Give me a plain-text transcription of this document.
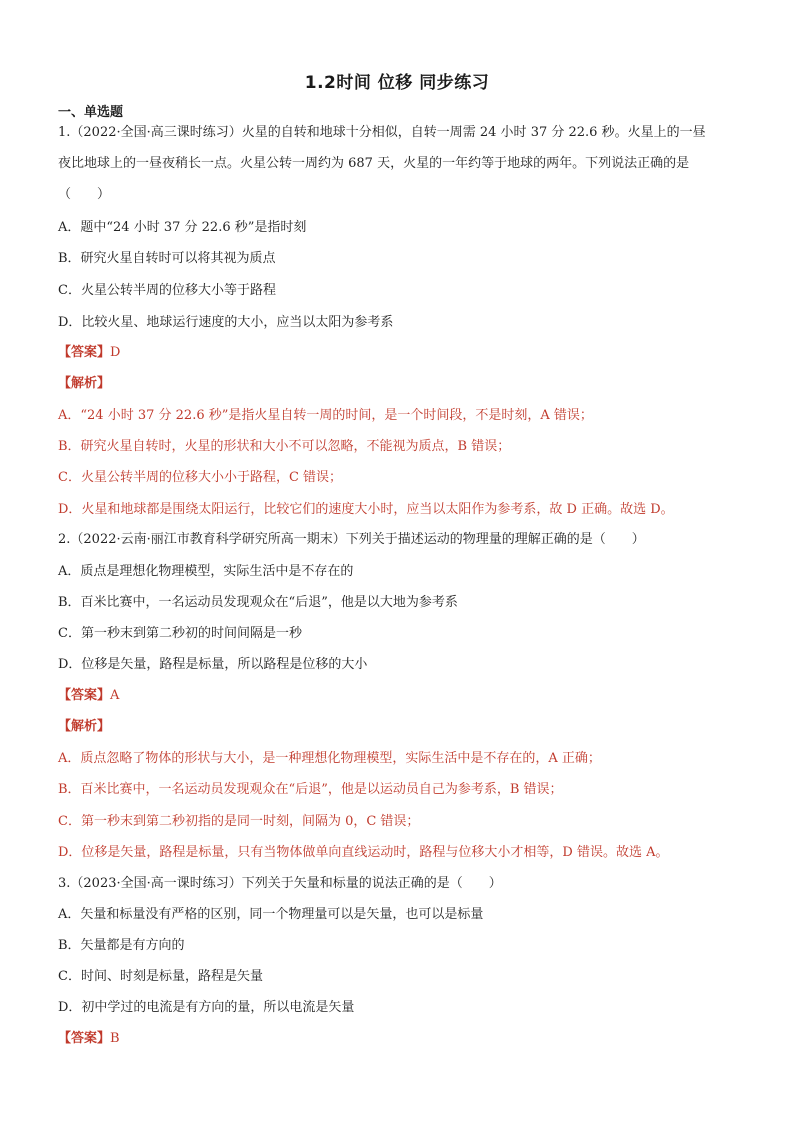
1.2时间 位移 同步练习
一、单选题
1.（2022·全国·高三课时练习）火星的自转和地球十分相似，自转一周需 24 小时 37 分 22.6 秒。火星上的一昼
夜比地球上的一昼夜稍长一点。火星公转一周约为 687 天，火星的一年约等于地球的两年。下列说法正确的是
（　　）
A．题中“24 小时 37 分 22.6 秒”是指时刻
B．研究火星自转时可以将其视为质点
C．火星公转半周的位移大小等于路程
D．比较火星、地球运行速度的大小，应当以太阳为参考系
【答案】D
【解析】
A．“24 小时 37 分 22.6 秒”是指火星自转一周的时间，是一个时间段，不是时刻，A 错误；
B．研究火星自转时，火星的形状和大小不可以忽略，不能视为质点，B 错误；
C．火星公转半周的位移大小小于路程，C 错误；
D．火星和地球都是围绕太阳运行，比较它们的速度大小时，应当以太阳作为参考系，故 D 正确。故选 D。
2.（2022·云南·丽江市教育科学研究所高一期末）下列关于描述运动的物理量的理解正确的是（　　）
A．质点是理想化物理模型，实际生活中是不存在的
B．百米比赛中，一名运动员发现观众在“后退”，他是以大地为参考系
C．第一秒末到第二秒初的时间间隔是一秒
D．位移是矢量，路程是标量，所以路程是位移的大小
【答案】A
【解析】
A．质点忽略了物体的形状与大小，是一种理想化物理模型，实际生活中是不存在的，A 正确；
B．百米比赛中，一名运动员发现观众在“后退”，他是以运动员自己为参考系，B 错误；
C．第一秒末到第二秒初指的是同一时刻，间隔为 0，C 错误；
D．位移是矢量，路程是标量，只有当物体做单向直线运动时，路程与位移大小才相等，D 错误。故选 A。
3.（2023·全国·高一课时练习）下列关于矢量和标量的说法正确的是（　　）
A．矢量和标量没有严格的区别，同一个物理量可以是矢量，也可以是标量
B．矢量都是有方向的
C．时间、时刻是标量，路程是矢量
D．初中学过的电流是有方向的量，所以电流是矢量
【答案】B
